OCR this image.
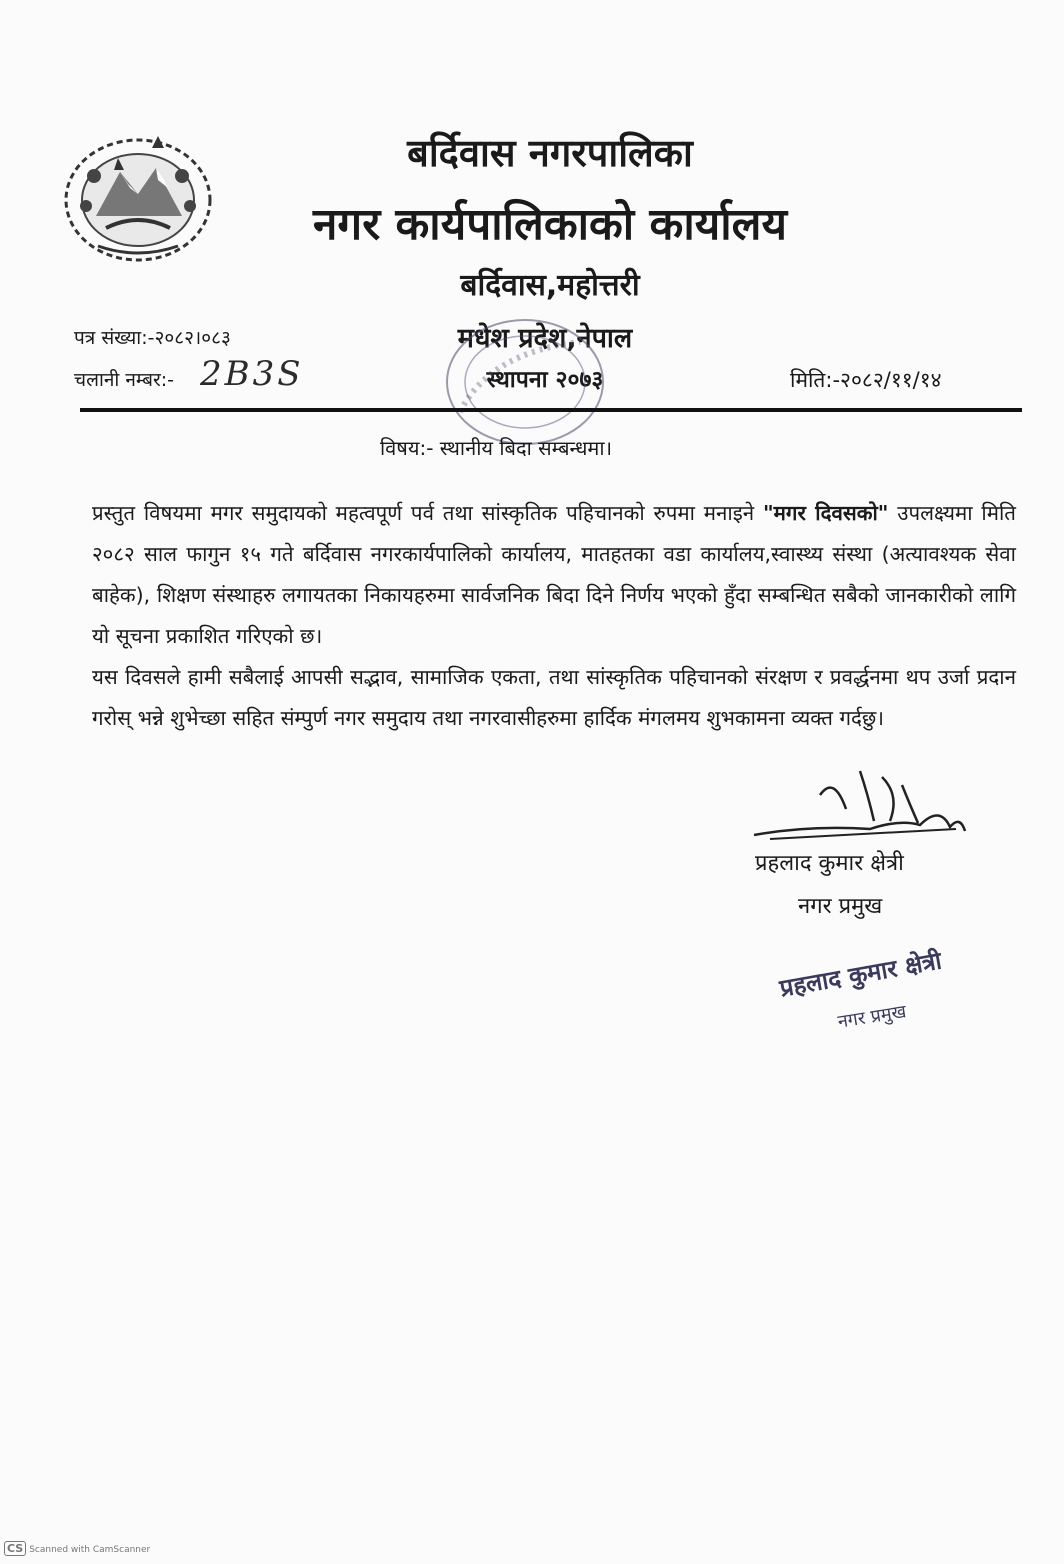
बर्दिवास नगरपालिका
नगर कार्यपालिकाको कार्यालय
बर्दिवास,महोत्तरी
मधेश प्रदेश,नेपाल
स्थापना २०७३
पत्र संख्या:-२०८२।०८३
चलानी नम्बर:- 2B3S	मिति:-२०८२/११/१४
विषय:- स्थानीय बिदा सम्बन्धमा।

प्रस्तुत विषयमा मगर समुदायको महत्वपूर्ण पर्व तथा सांस्कृतिक पहिचानको रुपमा मनाइने "मगर दिवसको" उपलक्ष्यमा मिति २०८२ साल फागुन १५ गते बर्दिवास नगरकार्यपालिको कार्यालय, मातहतका वडा कार्यालय,स्वास्थ्य संस्था (अत्यावश्यक सेवा बाहेक), शिक्षण संस्थाहरु लगायतका निकायहरुमा सार्वजनिक बिदा दिने निर्णय भएको हुँदा सम्बन्धित सबैको जानकारीको लागि यो सूचना प्रकाशित गरिएको छ।

यस दिवसले हामी सबैलाई आपसी सद्भाव, सामाजिक एकता, तथा सांस्कृतिक पहिचानको संरक्षण र प्रवर्द्धनमा थप उर्जा प्रदान गरोस् भन्ने शुभेच्छा सहित संम्पुर्ण नगर समुदाय तथा नगरवासीहरुमा हार्दिक मंगलमय शुभकामना व्यक्त गर्दछु।

प्रहलाद कुमार क्षेत्री
नगर प्रमुख
प्रहलाद कुमार क्षेत्री
नगर प्रमुख
CS Scanned with CamScanner
